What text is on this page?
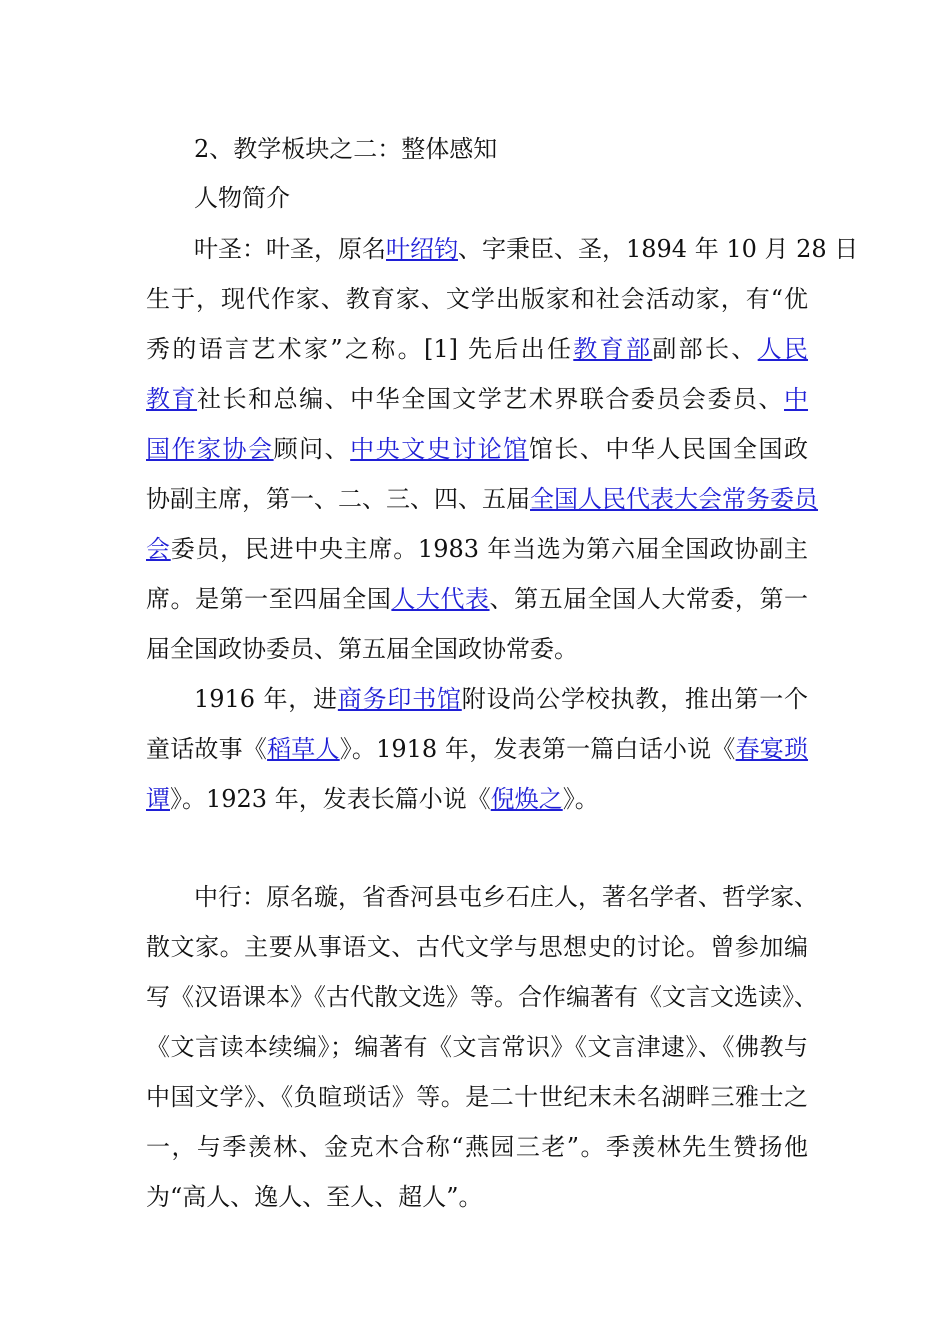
2、教学板块之二：整体感知
人物简介
叶圣：叶圣，原名叶绍钧、字秉臣、圣，1894 年 10 月 28 日
生于，现代作家、教育家、文学出版家和社会活动家，有“优
秀的语言艺术家”之称。[1] 先后出任教育部副部长、人民
教育社长和总编、中华全国文学艺术界联合委员会委员、中
国作家协会顾问、中央文史讨论馆馆长、中华人民国全国政
协副主席，第一、二、三、四、五届全国人民代表大会常务委员
会委员，民进中央主席。1983 年当选为第六届全国政协副主
席。是第一至四届全国人大代表、第五届全国人大常委，第一
届全国政协委员、第五届全国政协常委。
1916 年，进商务印书馆附设尚公学校执教，推出第一个
童话故事《稻草人》。1918 年，发表第一篇白话小说《春宴琐
谭》。1923 年，发表长篇小说《倪焕之》。
中行：原名璇，省香河县屯乡石庄人，著名学者、哲学家、
散文家。主要从事语文、古代文学与思想史的讨论。曾参加编
写《汉语课本》《古代散文选》等。合作编著有《文言文选读》、
《文言读本续编》；编著有《文言常识》《文言津逮》、《佛教与
中国文学》、《负暄琐话》等。是二十世纪末未名湖畔三雅士之
一，与季羡林、金克木合称“燕园三老”。季羡林先生赞扬他
为“高人、逸人、至人、超人”。
